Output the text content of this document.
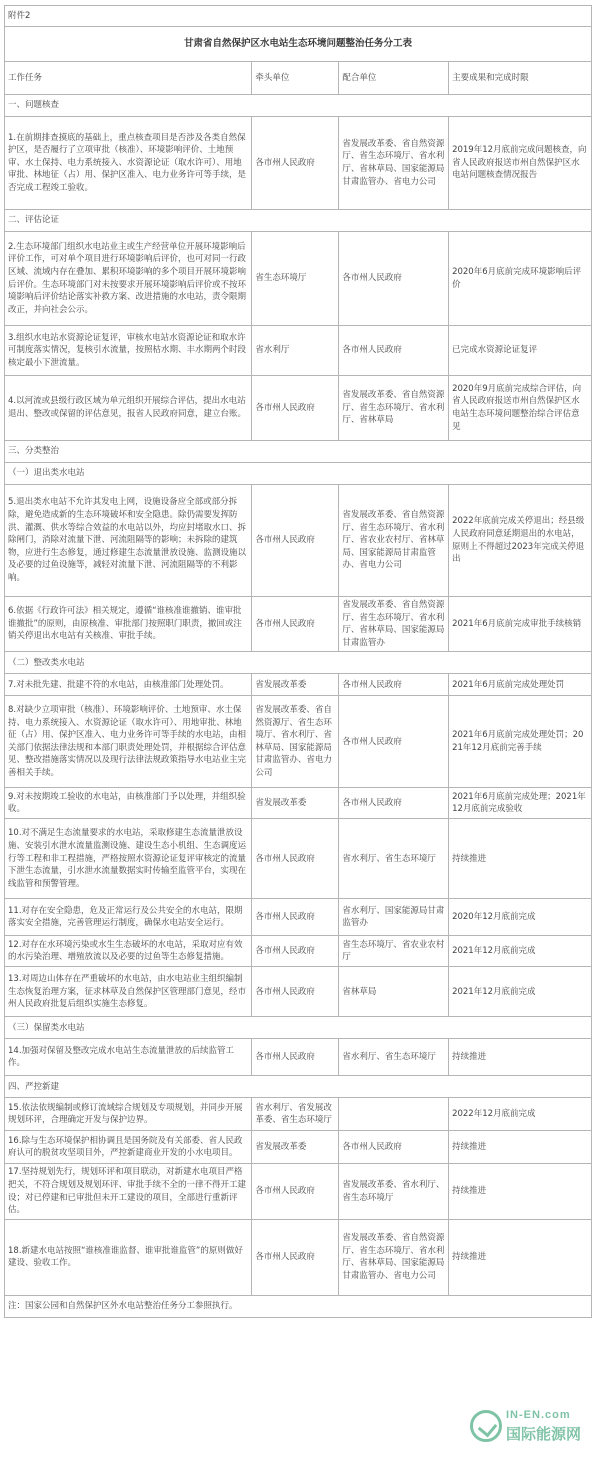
附件2			
甘肃省自然保护区水电站生态环境问题整治任务分工表			
工作任务	牵头单位	配合单位	主要成果和完成时限
一、问题核查			
1.在前期排查摸底的基础上，重点核查项目是否涉及各类自然保护区，是否履行了立项审批（核准）、环境影响评价、土地预审、水土保持、电力系统接入、水资源论证（取水许可）、用地审批、林地征（占）用、保护区准入、电力业务许可等手续，是否完成工程竣工验收。	各市州人民政府	省发展改革委、省自然资源厅、省生态环境厅、省水利厅、省林草局、国家能源局甘肃监管办、省电力公司	2019年12月底前完成问题核查，向省人民政府报送市州自然保护区水电站问题核查情况报告
二、评估论证			
2.生态环境部门组织水电站业主或生产经营单位开展环境影响后评价工作，可对单个项目进行环境影响后评价，也可对同一行政区域、流域内存在叠加、累积环境影响的多个项目开展环境影响后评价。生态环境部门对未按要求开展环境影响后评价或不按环境影响后评价结论落实补救方案、改进措施的水电站，责令限期改正，并向社会公示。	省生态环境厅	各市州人民政府	2020年6月底前完成环境影响后评价
3.组织水电站水资源论证复评，审核水电站水资源论证和取水许可制度落实情况，复核引水流量，按照枯水期、丰水期两个时段核定最小下泄流量。	省水利厅	各市州人民政府	已完成水资源论证复评
4.以河流或县级行政区域为单元组织开展综合评估，提出水电站退出、整改或保留的评估意见，报省人民政府同意，建立台账。	各市州人民政府	省发展改革委、省自然资源厅、省生态环境厅、省水利厅、省林草局	2020年9月底前完成综合评估，向省人民政府报送市州自然保护区水电站生态环境问题整治综合评估意见
三、分类整治			
（一）退出类水电站			
5.退出类水电站不允许其发电上网，设施设备应全部或部分拆除，避免造成新的生态环境破坏和安全隐患。除仍需要发挥防洪、灌溉、供水等综合效益的水电站以外，均应封堵取水口、拆除闸门，消除对流量下泄、河流阻隔等的影响；未拆除的建筑物，应进行生态修复，通过修建生态流量泄放设施、监测设施以及必要的过鱼设施等，减轻对流量下泄、河流阻隔等的不利影响。	各市州人民政府	省发展改革委、省自然资源厅、省生态环境厅、省水利厅、省农业农村厅、省林草局、国家能源局甘肃监管办、省电力公司	2022年底前完成关停退出；经县级人民政府同意延期退出的水电站，原则上不得超过2023年完成关停退出
6.依据《行政许可法》相关规定，遵循“谁核准谁撤销、谁审批谁撤批”的原则，由原核准、审批部门按照职门职责，撤回或注销关停退出水电站有关核准、审批手续。	各市州人民政府	省发展改革委、省自然资源厅、省生态环境厅、省水利厅、省林草局、国家能源局甘肃监管办	2021年6月底前完成审批手续核销
（二）整改类水电站			
7.对未批先建、批建不符的水电站，由核准部门处理处罚。	省发展改革委	各市州人民政府	2021年6月底前完成处理处罚
8.对缺少立项审批（核准）、环境影响评价、土地预审、水土保持、电力系统接入、水资源论证（取水许可）、用地审批、林地征（占）用、保护区准入、电力业务许可等手续的水电站，由相关部门依据法律法规和本部门职责处理处罚，并根据综合评估意见、整改措施落实情况以及现行法律法规政策指导水电站业主完善相关手续。	省发展改革委、省自然资源厅、省生态环境厅、省水利厅、省林草局、国家能源局甘肃监管办、省电力公司	各市州人民政府	2021年6月底前完成处理处罚；2021年12月底前完善手续
9.对未按期竣工验收的水电站，由核准部门予以处理，并组织验收。	省发展改革委	各市州人民政府	2021年6月底前完成处理；2021年12月底前完成验收
10.对不满足生态流量要求的水电站，采取修建生态流量泄放设施、安装引水泄水流量监测设施、建设生态小机组、生态调度运行等工程和非工程措施，严格按照水资源论证复评审核定的流量下泄生态流量，引水泄水流量数据实时传输至监管平台，实现在线监管和预警管理。	各市州人民政府	省水利厅、省生态环境厅	持续推进
11.对存在安全隐患，危及正常运行及公共安全的水电站，限期落实安全措施，完善管理运行制度，确保水电站安全运行。	各市州人民政府	省水利厅、国家能源局甘肃监管办	2020年12月底前完成
12.对存在水环境污染或水生生态破坏的水电站，采取对应有效的水污染治理、增殖放流以及必要的过鱼等生态修复措施。	各市州人民政府	省生态环境厅、省农业农村厅	2021年12月底前完成
13.对周边山体存在严重破坏的水电站，由水电站业主组织编制生态恢复治理方案，征求林草及自然保护区管理部门意见，经市州人民政府批复后组织实施生态修复。	各市州人民政府	省林草局	2021年12月底前完成
（三）保留类水电站			
14.加强对保留及整改完成水电站生态流量泄放的后续监管工作。	各市州人民政府	省水利厅、省生态环境厅	持续推进
四、严控新建			
15.依法依规编制或修订流域综合规划及专项规划，并同步开展规划环评，合理确定开发与保护边界。	省水利厅、省发展改革委、省生态环境厅		2022年12月底前完成
16.除与生态环境保护相协调且是国务院及有关部委、省人民政府认可的脱贫攻坚项目外，严控新建商业开发的小水电项目。	省发展改革委	各市州人民政府	持续推进
17.坚持规划先行，规划环评和项目联动，对新建水电项目严格把关，不符合规划及规划环评、审批手续不全的一律不得开工建设；对已停建和已审批但未开工建设的项目，全部进行重新评估。	各市州人民政府	省发展改革委、省水利厅、省生态环境厅	持续推进
18.新建水电站按照“谁核准谁监督、谁审批谁监管”的原则做好建设、验收工作。	各市州人民政府	省发展改革委、省自然资源厅、省生态环境厅、省水利厅、省林草局、国家能源局甘肃监管办、省电力公司	持续推进
注：国家公园和自然保护区外水电站整治任务分工参照执行。			
IN-EN.com
国际能源网
